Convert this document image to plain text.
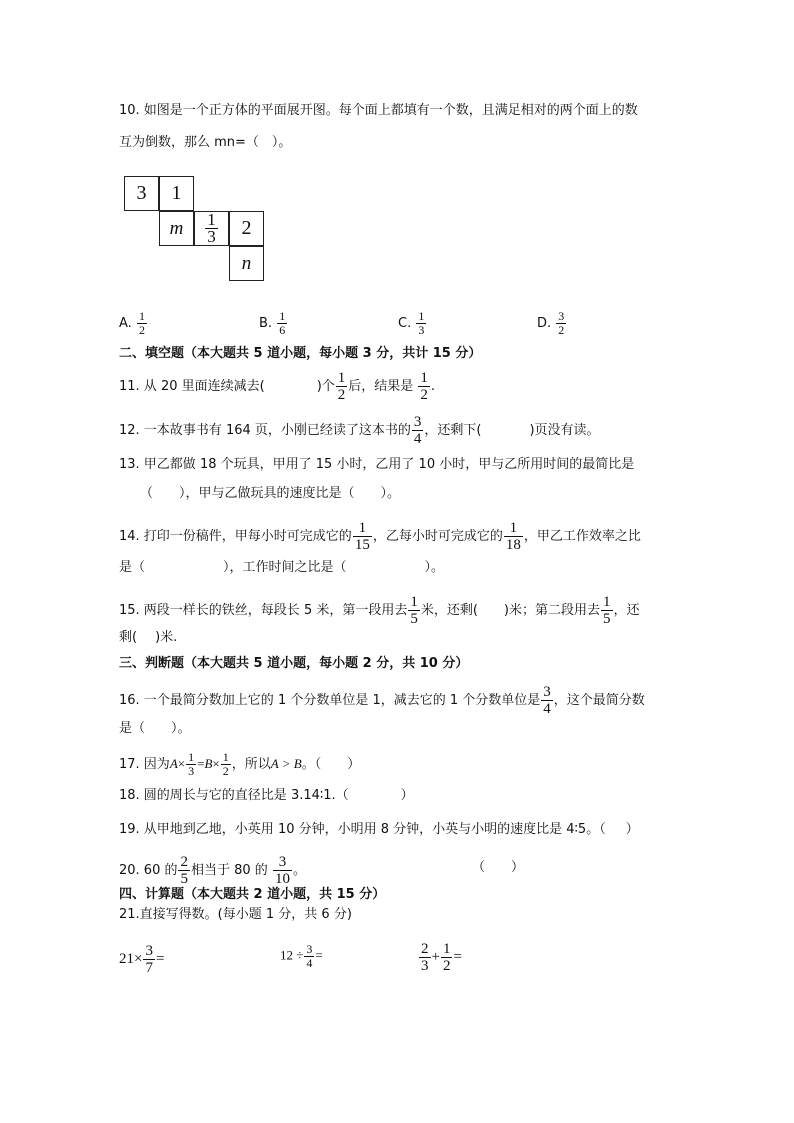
10. 如图是一个正方体的平面展开图。每个面上都填有一个数，且满足相对的两个面上的数
互为倒数，那么 mn=（　）。
3	1
m $\frac{1}{3}$	2
n
A. $\frac{1}{2}$	B. $\frac{1}{6}$	C. $\frac{1}{3}$	D. $\frac{3}{2}$
二、填空题（本大题共 5 道小题，每小题 3 分，共计 15 分）
11. 从 20 里面连续减去(	)个 $\frac{1}{2}$ 后，结果是 $\frac{1}{2}$ .
12. 一本故事书有 164 页，小刚已经读了这本书的 $\frac{3}{4}$ ，还剩下(	)页没有读。
13. 甲乙都做 18 个玩具，甲用了 15 小时，乙用了 10 小时，甲与乙所用时间的最简比是
（　　），甲与乙做玩具的速度比是（　　）。
14. 打印一份稿件，甲每小时可完成它的 $\frac{1}{15}$ ，乙每小时可完成它的 $\frac{1}{18}$ ，甲乙工作效率之比
是（	），工作时间之比是（	）。
15. 两段一样长的铁丝，每段长 5 米，第一段用去 $\frac{1}{5}$ 米，还剩( )米；第二段用去 $\frac{1}{5}$ ，还
剩( )米.
三、判断题（本大题共 5 道小题，每小题 2 分，共 10 分）
16. 一个最简分数加上它的 1 个分数单位是 1，减去它的 1 个分数单位是 $\frac{3}{4}$ ，这个最简分数
是（　　）。
17. 因为$A\times \frac{1}{3} =B\times \frac{1}{2}$ ，所以A > B。（　　）
18. 圆的周长与它的直径比是 3.14∶1.（	）
19. 从甲地到乙地，小英用 10 分钟，小明用 8 分钟，小英与小明的速度比是 4∶5。（ ）
20. 60 的 $\frac{2}{5}$ 相当于 80 的 $\frac{3}{10}$ 。	（　　）
四、计算题（本大题共 2 道小题，共 15 分）
21.直接写得数。(每小题 1 分，共 6 分)
$21\times \frac{3}{7}$ =	$12 \div \frac{3}{4}$ =	$\frac{2}{3} + \frac{1}{2}$ =
